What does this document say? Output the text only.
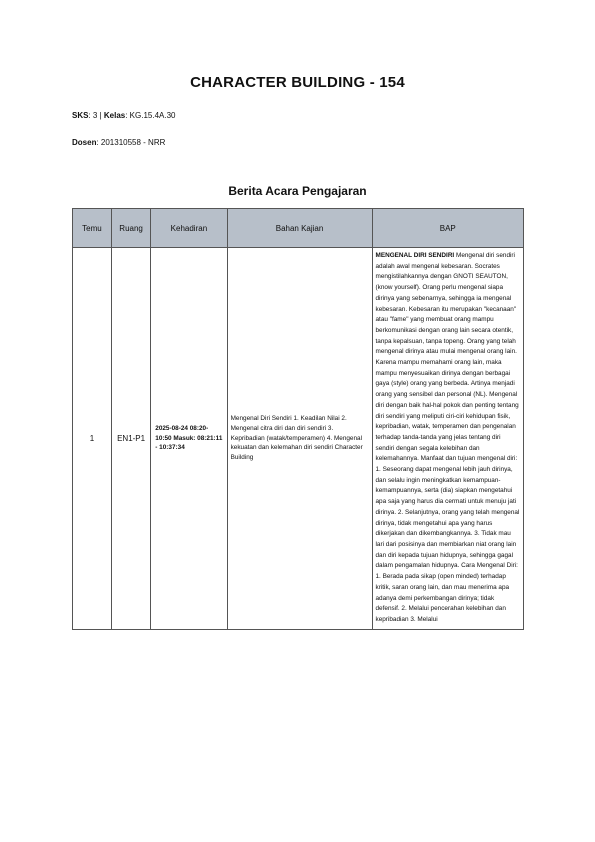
CHARACTER BUILDING - 154
SKS: 3 | Kelas: KG.15.4A.30
Dosen: 201310558 - NRR
Berita Acara Pengajaran
Temu	Ruang	Kehadiran	Bahan Kajian	BAP
1	EN1-P1	2025-08-24 08:20-10:50 Masuk: 08:21:11 - 10:37:34	Mengenal Diri Sendiri 1. Keadilan Nilai 2. Mengenal citra diri dan diri sendiri 3. Kepribadian (watak/temperamen) 4. Mengenal kekuatan dan kelemahan diri sendiri Character Building	MENGENAL DIRI SENDIRI Mengenal diri sendiri adalah awal mengenal kebesaran. Socrates mengistilahkannya dengan GNOTI SEAUTON, (know yourself). Orang perlu mengenal siapa dirinya yang sebenarnya, sehingga ia mengenal kebesaran. Kebesaran itu merupakan "kecanaan" atau "fame" yang membuat orang mampu berkomunikasi dengan orang lain secara otentik, tanpa kepalsuan, tanpa topeng. Orang yang telah mengenal dirinya atau mulai mengenal orang lain. Karena mampu memahami orang lain, maka mampu menyesuaikan dirinya dengan berbagai gaya (style) orang yang berbeda. Artinya menjadi orang yang sensibel dan personal (NL). Mengenal diri dengan baik hal-hal pokok dan penting tentang diri sendiri yang meliputi ciri-ciri kehidupan fisik, kepribadian, watak, temperamen dan pengenalan terhadap tanda-tanda yang jelas tentang diri sendiri dengan segala kelebihan dan kelemahannya. Manfaat dan tujuan mengenal diri: 1. Seseorang dapat mengenal lebih jauh dirinya, dan selalu ingin meningkatkan kemampuan-kemampuannya, serta (dia) siapkan mengetahui apa saja yang harus dia cermati untuk menuju jati dirinya. 2. Selanjutnya, orang yang telah mengenal dirinya, tidak mengetahui apa yang harus dikerjakan dan dikembangkannya. 3. Tidak mau lari dari posisinya dan membiarkan niat orang lain dan diri kepada tujuan hidupnya, sehingga gagal dalam pengamalan hidupnya. Cara Mengenal Diri: 1. Berada pada sikap (open minded) terhadap kritik, saran orang lain, dan mau menerima apa adanya demi perkembangan dirinya; tidak defensif. 2. Melalui pencerahan kelebihan dan kepribadian 3. Melalui
